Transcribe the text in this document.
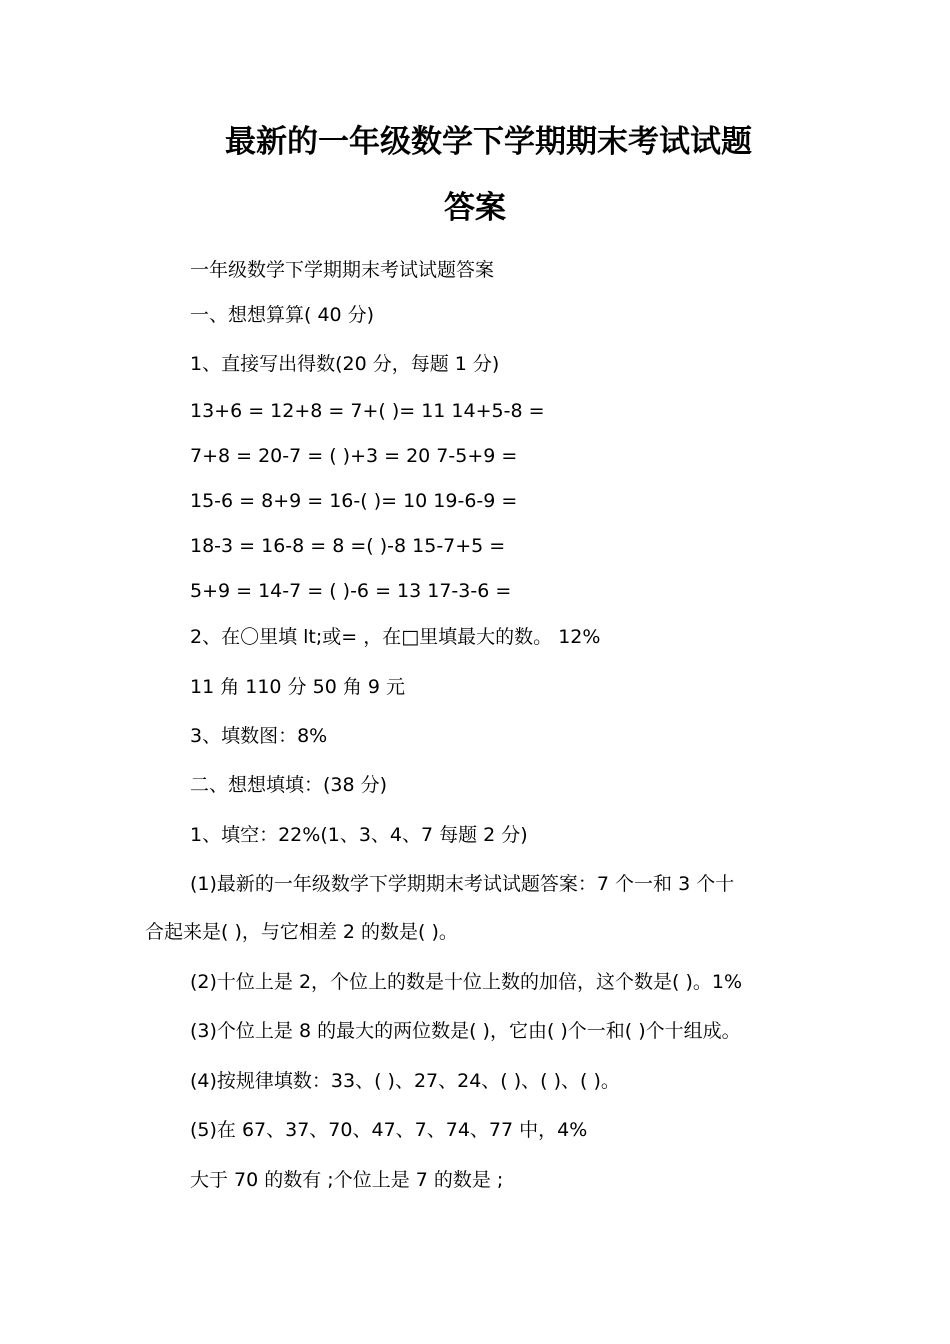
最新的一年级数学下学期期末考试试题
答案
一年级数学下学期期末考试试题答案
一、想想算算( 40 分)
1、直接写出得数(20 分，每题 1 分)
13+6 = 12+8 = 7+( )= 11 14+5-8 =
7+8 = 20-7 = ( )+3 = 20 7-5+9 =
15-6 = 8+9 = 16-( )= 10 19-6-9 =
18-3 = 16-8 = 8 =( )-8 15-7+5 =
5+9 = 14-7 = ( )-6 = 13 17-3-6 =
2、在〇里填 lt;或= ，在□里填最大的数。 12%
11 角 110 分 50 角 9 元
3、填数图：8%
二、想想填填：(38 分)
1、填空：22%(1、3、4、7 每题 2 分)
(1)最新的一年级数学下学期期末考试试题答案：7 个一和 3 个十
合起来是( )，与它相差 2 的数是( )。
(2)十位上是 2，个位上的数是十位上数的加倍，这个数是( )。1%
(3)个位上是 8 的最大的两位数是( )，它由( )个一和( )个十组成。
(4)按规律填数：33、( )、27、24、( )、( )、( )。
(5)在 67、37、70、47、7、74、77 中，4%
大于 70 的数有 ;个位上是 7 的数是 ;
